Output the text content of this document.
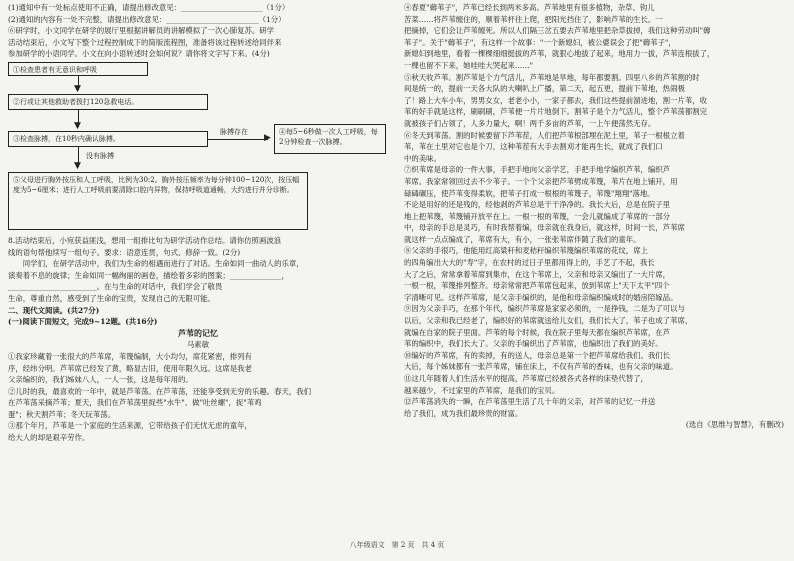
(1)通知中有一处标点使用不正确，请提出修改意见：______________________（1分）
(2)通知的内容有一处不完整，请提出修改意见：_________________________（1分）
⑥研学时，小文同学在研学的展厅里根据讲解员的讲解模拟了一次心肺复苏。研学
活动结束后，小文写下整个过程控制成下的简版流程图，准备将该过程转述给同伴来
参加研学的小语同学。小文在向小语转述时会如何说？请你将文字写下来。(4分)
①检查患者有无意识和呼吸
▼
②行或让其他救助者拨打120急救电话。
▼
③检查脉搏，在10秒内确认脉搏。	▶
脉搏存在	④每5~6秒做一次人工呼吸，每2分钟检查一次脉搏。
▼
没有脉搏
⑤父母进行胸外按压和人工呼吸，比例为30:2。胸外按压频率为每分钟100~120次，按压幅度为5~6厘米；进行人工呼吸前要清除口腔内异物，保持呼吸道通畅，大约进行并分诊断。
8.活动结束后，小宛获益匪浅，想用一组排比句为研学活动作总结。请你仿照画波浪
线的语句帮他续写一组句子。要求：语意连贯，句式、修辞一致。(2分)
　　同学们，在研学活动中，我们为生命的相遇而进行了对话。生命如同一曲动人的乐章，
演奏着不息的旋律；生命如同一幅绚丽的画卷，描绘着多彩的图案；______________，
________________________。在与生命的对话中，我们学会了敬畏
生命，尊重自然，感受到了生命的宝贵，发现自己的无限可能。
二、现代文阅读。(共27分)
(一)阅读下面短文，完成9~12题。(共16分)
芦苇的记忆
马素敏
①我家珍藏着一张很大的芦苇席，苇篾编制，大小均匀，席花紧密，排列有
序，经纬分明。芦苇席已经发了黄，略显古旧，使用年限久远。这席是我老
父亲编织的，我们姊妹八人，一人一张，这是每年用的。
②儿时的我，最喜欢的一年中，就是芦苇荡。在芦苇荡，还能享受到无穷的乐趣。春天，我们
在芦苇荡采摘芦苇；夏天，我们在芦苇荡里捉些"水牛"、做"吐丝螺"，捉"苇鸡
蛋"；秋天割芦苇；冬天玩苇荡。
③那个年月，芦苇是一个家庭的生活来源，它带给孩子们无忧无虑的童年，
给大人的却是艰辛劳作。
④春夏"薅苇子"，芦苇已经长到两米多高。芦苇地里有很多植物，杂草、钩儿
苦菜……将芦苇缠住的，顺着苇杆往上爬，把阳光挡住了，影响芦苇的生长。一
把摘掉，它们会让芦苇缠死。所以人们隔三岔五要去芦苇地里把杂草拔掉，我们这种劳动叫"薅
苇子"。关于"薅苇子"，有这样一个故事："一个新媳妇，被公婆误会了把"薅苇子"，
新媳妇到地里，看着一棵棵细细挺拔的芦苇，就狠心地拔了起来，地用力一拔，芦苇连根拔了，
一棵也留不下来，她哇哇大哭起来……"
⑤秋天收芦苇。割芦苇是个力气活儿，芦苇地是旱地，每年都要割。四里八乡的芦苇割的时
间是统一的，提前一天各大队的大喇叭上广播，第二天，起五更，提前下苇地，热闹极
了！路上大车小车，男男女女，老老小小，一家子都去，我们这些提前溜进地，割一片苇，收
苇的好手就是这样，刷刷刷，芦苇便一片片地倒下。割苇子是个力气活儿，整个芦苇荡都割完
就被孩子们占领了，人多力量大，啊！两千多亩的芦苇，一上午便荡然无存。
⑥冬天到苇荡。割的时候要留下芦苇茬，人们把芦苇根部埋在泥土里，苇子一根根立着
苇，苇在土里对它也是个刀，这种苇茬有大手去割刈才能再生长，就成了我们口
中的美味。
⑦织苇席是母亲的一件大事，手把手地向父亲学艺，手把手地学编织芦苇，编织芦
苇席。我家常领回过去不少苇子。一个个父亲把芦苇劈成苇篾，苇片在地上铺开，用
碌碡碾压，使芦苇变得柔软，把苇子打成一根根的苇篾子，苇篾"翔翔"落地。
不论是用好的还是残的，经他剥的芦苇总是干干净净的。我长大后，总是在院子里
地上把苇篾，苇篾铺开放平在上。一根一根的苇篾，一会儿就编成了苇席的一部分
中，母亲的手总是灵巧，有时我帮着编，母亲就在我身后，就这样，时间一长，芦苇席
就这样一点点编成了，苇席有大，有小，一张张苇席伴随了我们的童年。
⑧父亲的手很巧，他能用红高粱秆和麦秸秆编织苇篾编织苇席的花纹，席上
的四角编出大大的"寿"字，在农村的过日子里都用得上的，手艺了不起，我长
大了之后，常常拿着苇席到集市，在这个苇席上，父亲和母亲又编出了一大片席，
一根一根，苇篾排列整齐。母亲常常把芦苇席包起来，放到苇席上"天下太平"四个
字清晰可见。这样芦苇席，是父亲手编织的，是他和母亲编织编成时的婚房陪嫁品。
⑨因为父亲手巧，在那个年代，编织芦苇席是家家必须的，一是挣钱，二是为了可以与
以后，父亲和我已经老了，编织好的苇席就送给儿女们，我们长大了，苇子也成了苇席，
就编在自家的院子里面。芦苇的每个时候，我在院子里每天都在编织芦苇席，在芦
苇的编织中，我们长大了。父亲的手编织出了芦苇席，也编织出了我们的美好。
⑩编好的芦苇席，有的卖掉，有的送人，母亲总是第一个把芦苇席给我们。我们长
大后，每个姊妹都有一张芦苇席，铺在床上，不仅有芦苇的香味，也有父亲的味道。
⑪这几年随着人们生活水平的提高，芦苇席已经被各式各样的床垫代替了，
越来越少，不过家里的芦苇席，是我们的宝贝。
⑫芦苇荡消失的一瞬，在芦苇荡里生活了几十年的父亲，对芦苇的记忆一并送
给了我们，成为我们最珍贵的财富。
(选自《思维与智慧》，有删改)
八年级语文　第 2 页　共 4 页
